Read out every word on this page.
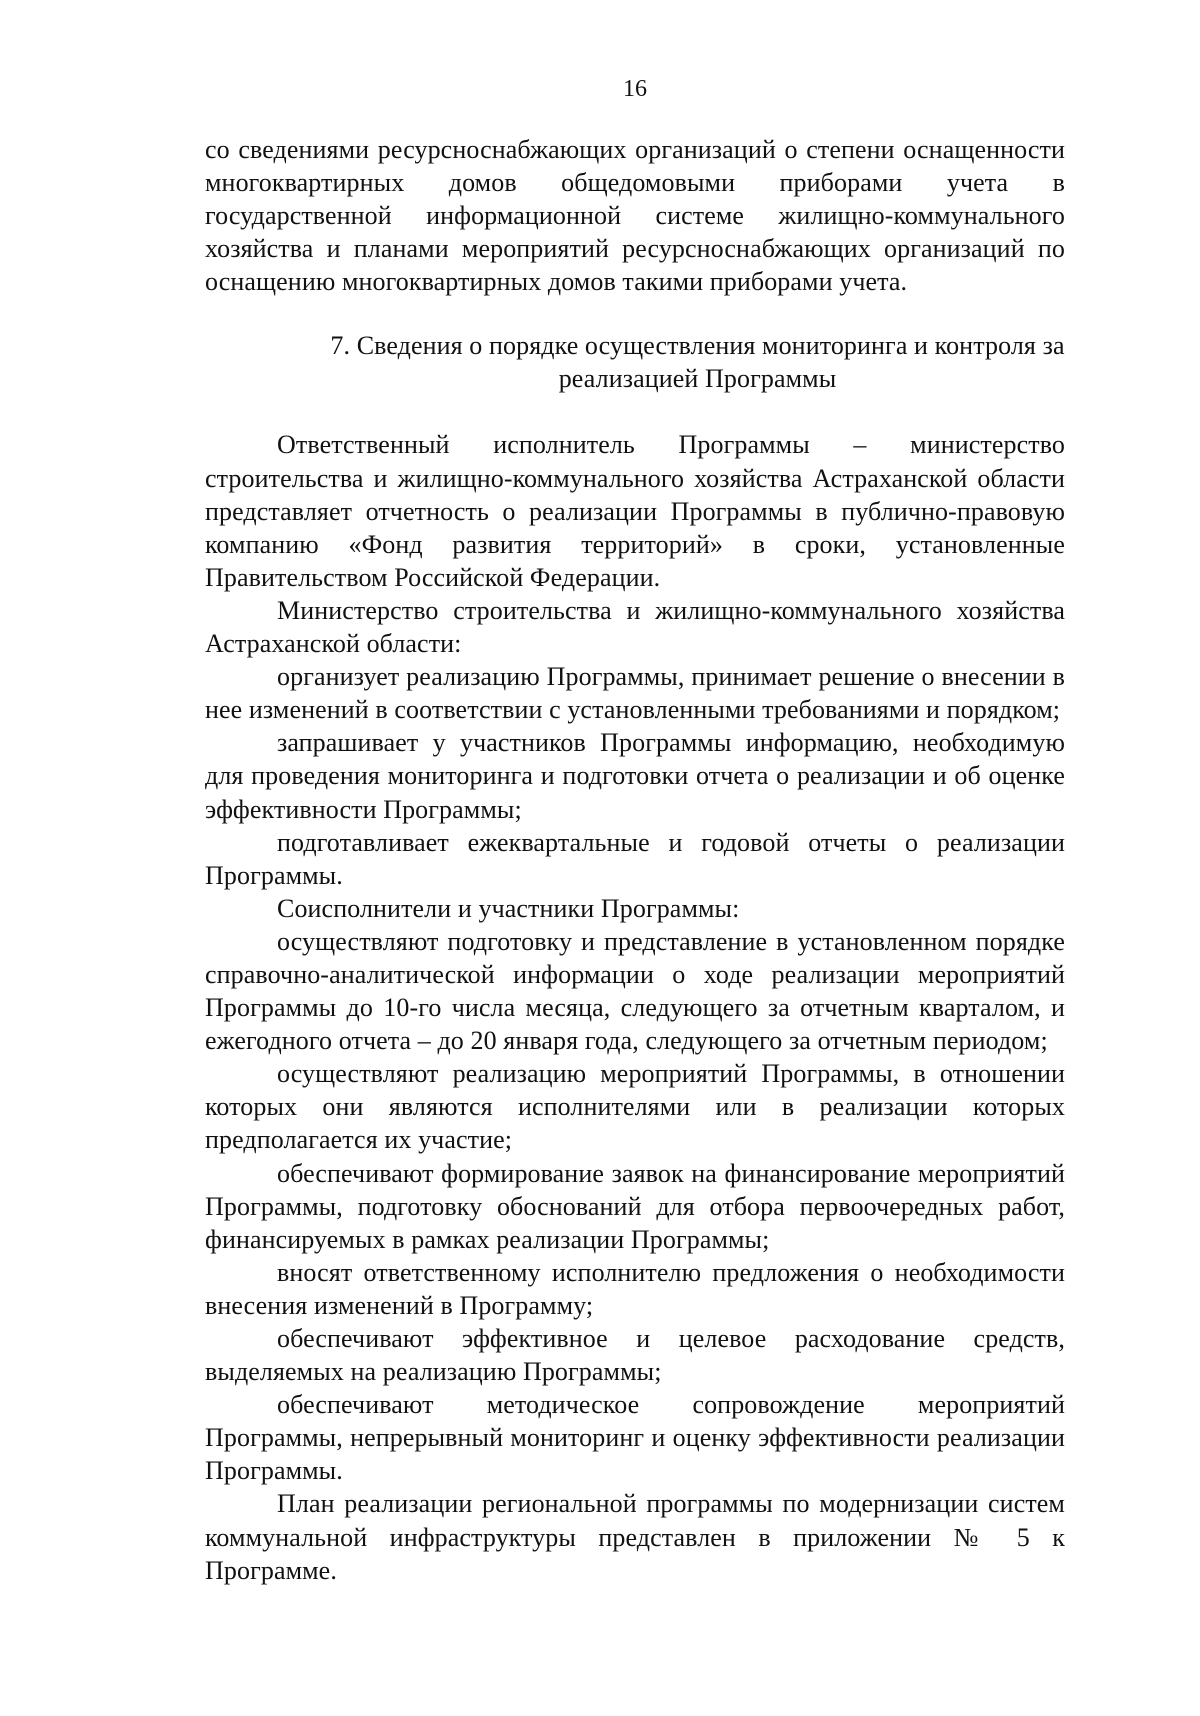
16

со сведениями ресурсноснабжающих организаций о степени оснащенности многоквартирных домов общедомовыми приборами учета в государственной информационной системе жилищно-коммунального хозяйства и планами мероприятий ресурсноснабжающих организаций по оснащению многоквартирных домов такими приборами учета.

7. Сведения о порядке осуществления мониторинга и контроля за
реализацией Программы

Ответственный исполнитель Программы – министерство строительства и жилищно-коммунального хозяйства Астраханской области представляет отчетность о реализации Программы в публично-правовую компанию «Фонд развития территорий» в сроки, установленные Правительством Российской Федерации.

Министерство строительства и жилищно-коммунального хозяйства Астраханской области:

организует реализацию Программы, принимает решение о внесении в нее изменений в соответствии с установленными требованиями и порядком;

запрашивает у участников Программы информацию, необходимую для проведения мониторинга и подготовки отчета о реализации и об оценке эффективности Программы;

подготавливает ежеквартальные и годовой отчеты о реализации Программы.

Соисполнители и участники Программы:

осуществляют подготовку и представление в установленном порядке справочно-аналитической информации о ходе реализации мероприятий Программы до 10-го числа месяца, следующего за отчетным кварталом, и ежегодного отчета – до 20 января года, следующего за отчетным периодом;

осуществляют реализацию мероприятий Программы, в отношении которых они являются исполнителями или в реализации которых предполагается их участие;

обеспечивают формирование заявок на финансирование мероприятий Программы, подготовку обоснований для отбора первоочередных работ, финансируемых в рамках реализации Программы;

вносят ответственному исполнителю предложения о необходимости внесения изменений в Программу;

обеспечивают эффективное и целевое расходование средств, выделяемых на реализацию Программы;

обеспечивают методическое сопровождение мероприятий Программы, непрерывный мониторинг и оценку эффективности реализации Программы.

План реализации региональной программы по модернизации систем коммунальной инфраструктуры представлен в приложении № 5 к Программе.
